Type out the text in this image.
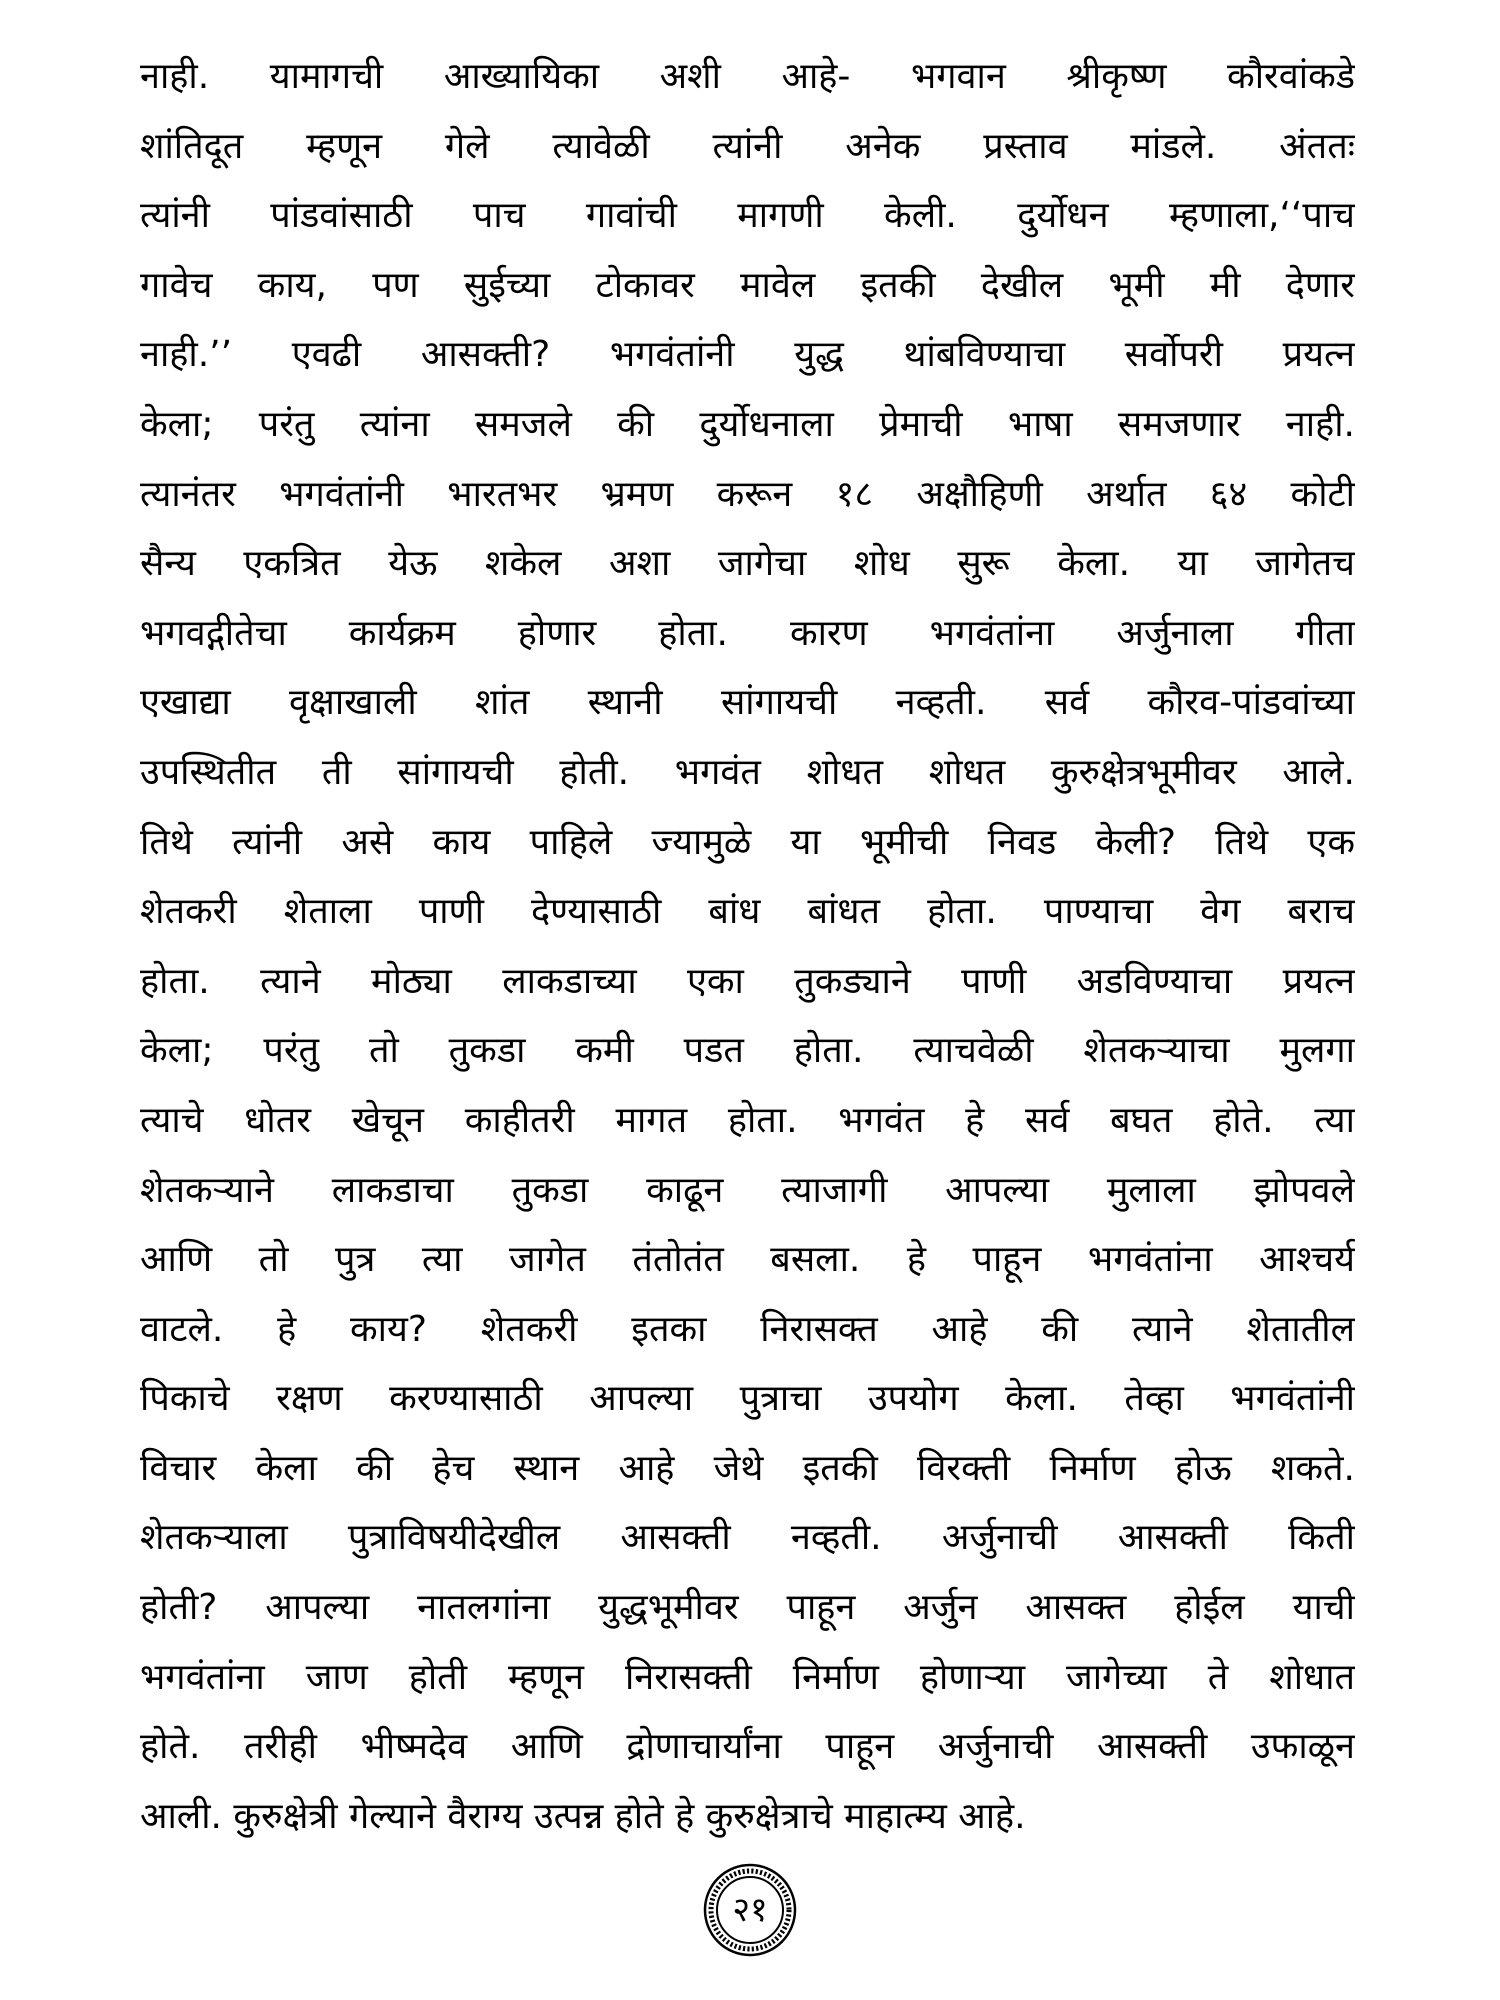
नाही. यामागची आख्यायिका अशी आहे- भगवान श्रीकृष्ण कौरवांकडे
शांतिदूत म्हणून गेले त्यावेळी त्यांनी अनेक प्रस्ताव मांडले. अंततः
त्यांनी पांडवांसाठी पाच गावांची मागणी केली. दुर्योधन म्हणाला,‘‘पाच
गावेच काय, पण सुईच्या टोकावर मावेल इतकी देखील भूमी मी देणार
नाही.’’ एवढी आसक्ती? भगवंतांनी युद्ध थांबविण्याचा सर्वोपरी प्रयत्न
केला; परंतु त्यांना समजले की दुर्योधनाला प्रेमाची भाषा समजणार नाही.
त्यानंतर भगवंतांनी भारतभर भ्रमण करून १८ अक्षौहिणी अर्थात ६४ कोटी
सैन्य एकत्रित येऊ शकेल अशा जागेचा शोध सुरू केला. या जागेतच
भगवद्गीतेचा कार्यक्रम होणार होता. कारण भगवंतांना अर्जुनाला गीता
एखाद्या वृक्षाखाली शांत स्थानी सांगायची नव्हती. सर्व कौरव-पांडवांच्या
उपस्थितीत ती सांगायची होती. भगवंत शोधत शोधत कुरुक्षेत्रभूमीवर आले.
तिथे त्यांनी असे काय पाहिले ज्यामुळे या भूमीची निवड केली? तिथे एक
शेतकरी शेताला पाणी देण्यासाठी बांध बांधत होता. पाण्याचा वेग बराच
होता. त्याने मोठ्या लाकडाच्या एका तुकड्याने पाणी अडविण्याचा प्रयत्न
केला; परंतु तो तुकडा कमी पडत होता. त्याचवेळी शेतकऱ्याचा मुलगा
त्याचे धोतर खेचून काहीतरी मागत होता. भगवंत हे सर्व बघत होते. त्या
शेतकऱ्याने लाकडाचा तुकडा काढून त्याजागी आपल्या मुलाला झोपवले
आणि तो पुत्र त्या जागेत तंतोतंत बसला. हे पाहून भगवंतांना आश्चर्य
वाटले. हे काय? शेतकरी इतका निरासक्त आहे की त्याने शेतातील
पिकाचे रक्षण करण्यासाठी आपल्या पुत्राचा उपयोग केला. तेव्हा भगवंतांनी
विचार केला की हेच स्थान आहे जेथे इतकी विरक्ती निर्माण होऊ शकते.
शेतकऱ्याला पुत्राविषयीदेखील आसक्ती नव्हती. अर्जुनाची आसक्ती किती
होती? आपल्या नातलगांना युद्धभूमीवर पाहून अर्जुन आसक्त होईल याची
भगवंतांना जाण होती म्हणून निरासक्ती निर्माण होणाऱ्या जागेच्या ते शोधात
होते. तरीही भीष्मदेव आणि द्रोणाचार्यांना पाहून अर्जुनाची आसक्ती उफाळून
आली. कुरुक्षेत्री गेल्याने वैराग्य उत्पन्न होते हे कुरुक्षेत्राचे माहात्म्य आहे.
२१
